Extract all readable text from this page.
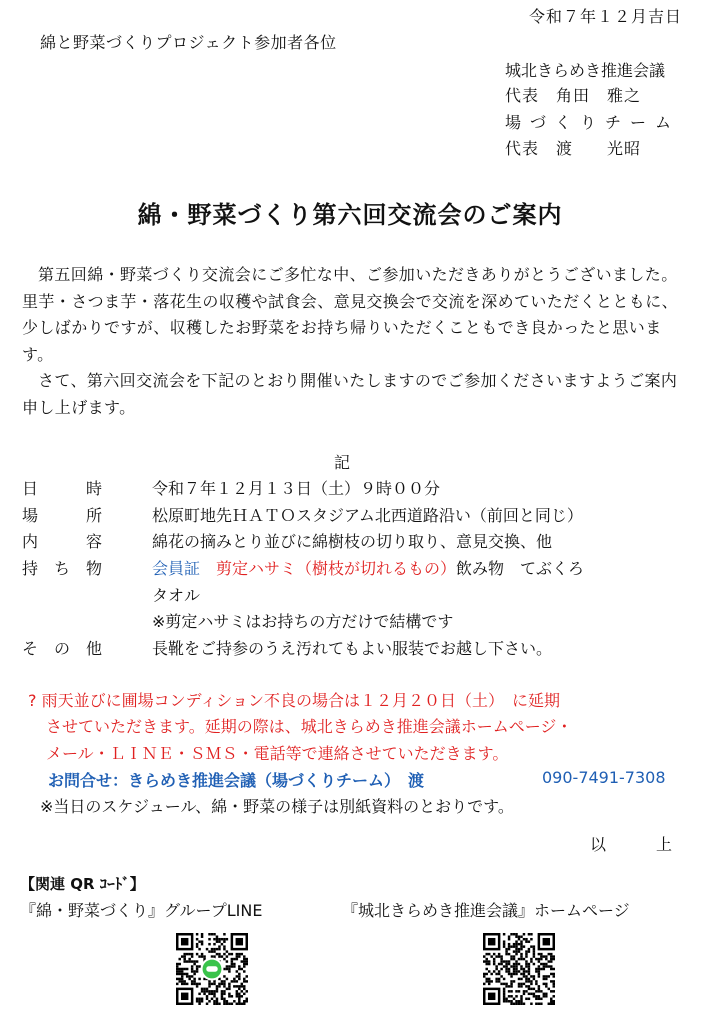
令和７年１２月吉日
綿と野菜づくりプロジェクト参加者各位
城北きらめき推進会議
代表　角田　雅之
場づくりチーム
代表　渡　　光昭
綿・野菜づくり第六回交流会のご案内
第五回綿・野菜づくり交流会にご多忙な中、ご参加いただきありがとうございました。里芋・さつま芋・落花生の収穫や試食会、意見交換会で交流を深めていただくとともに、少しばかりですが、収穫したお野菜をお持ち帰りいただくこともでき良かったと思います。
さて、第六回交流会を下記のとおり開催いたしますのでご参加くださいますようご案内申し上げます。
記
日　　　時	令和７年１２月１３日（土）９時００分
場　　　所	松原町地先ＨＡＴＯスタジアム北西道路沿い（前回と同じ）
内　　　容	綿花の摘みとり並びに綿樹枝の切り取り、意見交換、他
持　ち　物	会員証　 剪定ハサミ（樹枝が切れるもの）飲み物　てぶくろ
タオル
※剪定ハサミはお持ちの方だけで結構です
そ　の　他	長靴をご持参のうえ汚れてもよい服装でお越し下さい。
? 雨天並びに圃場コンディション不良の場合は１２月２０日（土）　に延期
させていただきます。延期の際は、城北きらめき推進会議ホームページ・
メール・ＬＩＮＥ・ＳＭＳ・電話等で連絡させていただきます。
お問合せ：きらめき推進会議（場づくりチーム）　渡	090-7491-7308
※当日のスケジュール、綿・野菜の様子は別紙資料のとおりです。
以上
【関連 QR ｺｰﾄﾞ】
『綿・野菜づくり』グループLINE	『城北きらめき推進会議』ホームページ
